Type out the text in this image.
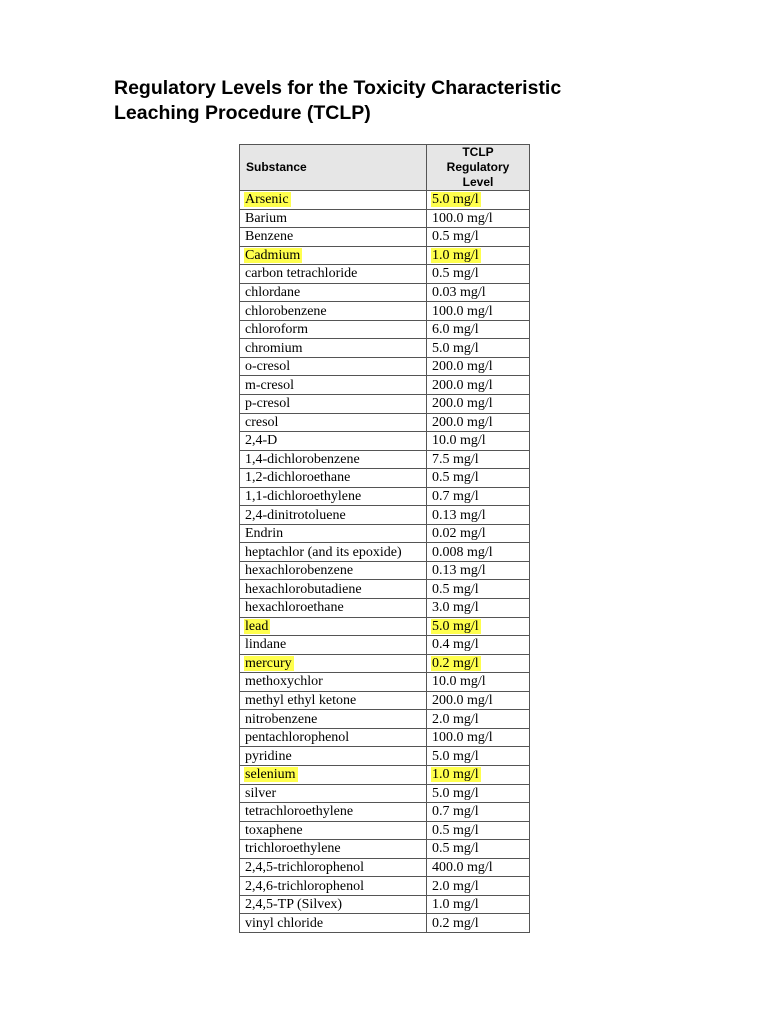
Regulatory Levels for the Toxicity Characteristic Leaching Procedure (TCLP)
Substance	TCLP Regulatory Level
Arsenic	5.0 mg/l
Barium	100.0 mg/l
Benzene	0.5 mg/l
Cadmium	1.0 mg/l
carbon tetrachloride	0.5 mg/l
chlordane	0.03 mg/l
chlorobenzene	100.0 mg/l
chloroform	6.0 mg/l
chromium	5.0 mg/l
o-cresol	200.0 mg/l
m-cresol	200.0 mg/l
p-cresol	200.0 mg/l
cresol	200.0 mg/l
2,4-D	10.0 mg/l
1,4-dichlorobenzene	7.5 mg/l
1,2-dichloroethane	0.5 mg/l
1,1-dichloroethylene	0.7 mg/l
2,4-dinitrotoluene	0.13 mg/l
Endrin	0.02 mg/l
heptachlor (and its epoxide)	0.008 mg/l
hexachlorobenzene	0.13 mg/l
hexachlorobutadiene	0.5 mg/l
hexachloroethane	3.0 mg/l
lead	5.0 mg/l
lindane	0.4 mg/l
mercury	0.2 mg/l
methoxychlor	10.0 mg/l
methyl ethyl ketone	200.0 mg/l
nitrobenzene	2.0 mg/l
pentachlorophenol	100.0 mg/l
pyridine	5.0 mg/l
selenium	1.0 mg/l
silver	5.0 mg/l
tetrachloroethylene	0.7 mg/l
toxaphene	0.5 mg/l
trichloroethylene	0.5 mg/l
2,4,5-trichlorophenol	400.0 mg/l
2,4,6-trichlorophenol	2.0 mg/l
2,4,5-TP (Silvex)	1.0 mg/l
vinyl chloride	0.2 mg/l
